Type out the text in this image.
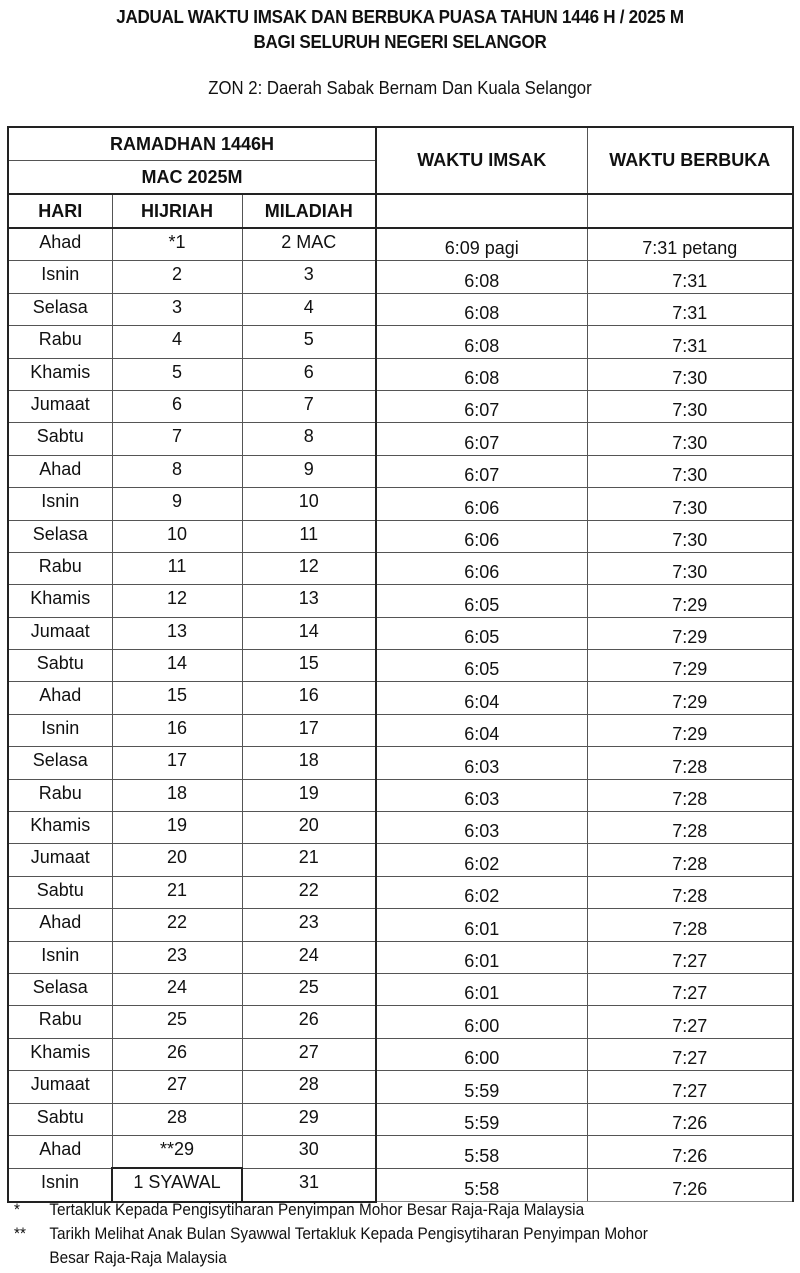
JADUAL WAKTU IMSAK DAN BERBUKA PUASA TAHUN 1446 H / 2025 M
BAGI SELURUH NEGERI SELANGOR
ZON 2: Daerah Sabak Bernam Dan Kuala Selangor
RAMADHAN 1446H			WAKTU IMSAK	WAKTU BERBUKA
MAC 2025M				
HARI	HIJRIAH	MILADIAH		
Ahad	*1	2 MAC	6:09 pagi	7:31 petang
Isnin	2	3	6:08	7:31
Selasa	3	4	6:08	7:31
Rabu	4	5	6:08	7:31
Khamis	5	6	6:08	7:30
Jumaat	6	7	6:07	7:30
Sabtu	7	8	6:07	7:30
Ahad	8	9	6:07	7:30
Isnin	9	10	6:06	7:30
Selasa	10	11	6:06	7:30
Rabu	11	12	6:06	7:30
Khamis	12	13	6:05	7:29
Jumaat	13	14	6:05	7:29
Sabtu	14	15	6:05	7:29
Ahad	15	16	6:04	7:29
Isnin	16	17	6:04	7:29
Selasa	17	18	6:03	7:28
Rabu	18	19	6:03	7:28
Khamis	19	20	6:03	7:28
Jumaat	20	21	6:02	7:28
Sabtu	21	22	6:02	7:28
Ahad	22	23	6:01	7:28
Isnin	23	24	6:01	7:27
Selasa	24	25	6:01	7:27
Rabu	25	26	6:00	7:27
Khamis	26	27	6:00	7:27
Jumaat	27	28	5:59	7:27
Sabtu	28	29	5:59	7:26
Ahad	**29	30	5:58	7:26
Isnin	1 SYAWAL	31	5:58	7:26
*	Tertakluk Kepada Pengisytiharan Penyimpan Mohor Besar Raja-Raja Malaysia
**	Tarikh Melihat Anak Bulan Syawwal Tertakluk Kepada Pengisytiharan Penyimpan Mohor
Besar Raja-Raja Malaysia
